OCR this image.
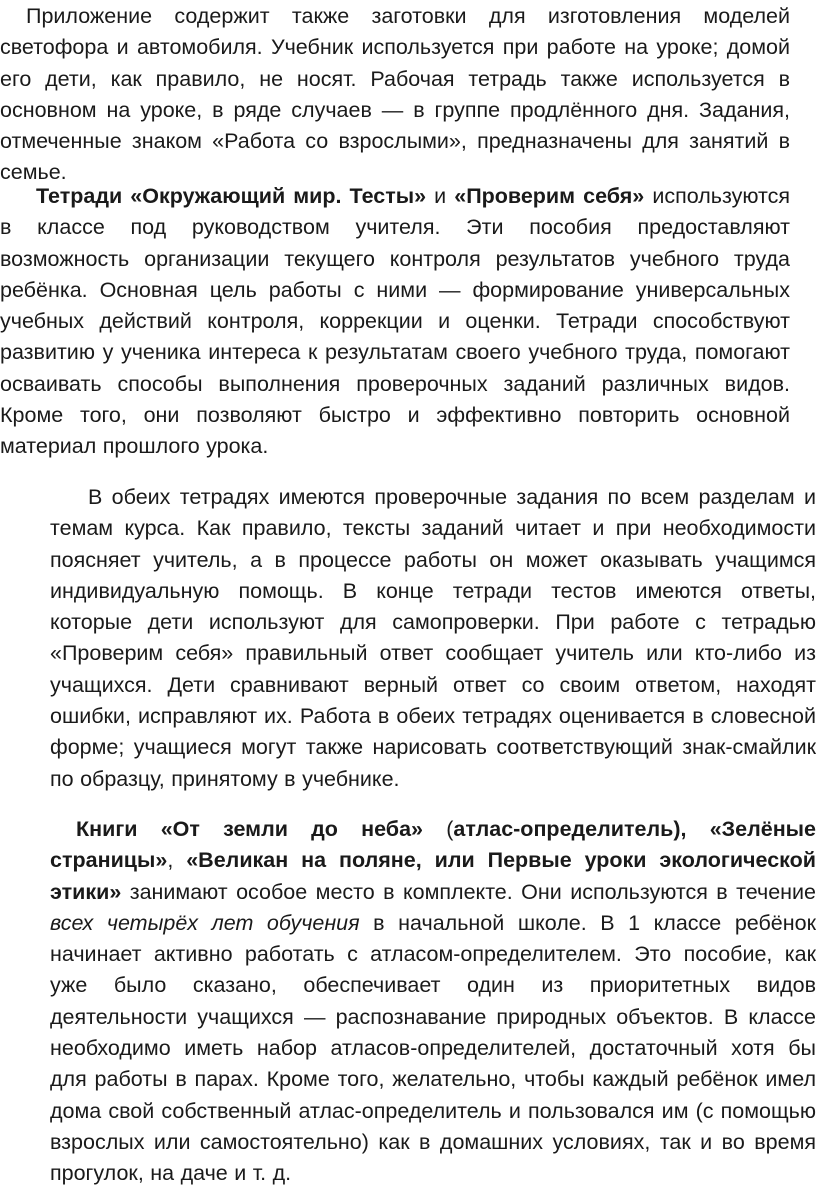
Приложение содержит также заготовки для изготовления моделей светофора и автомобиля. Учебник используется при работе на уроке; домой его дети, как правило, не носят. Рабочая тетрадь также используется в основном на уроке, в ряде случаев — в группе продлённого дня. Задания, отмеченные знаком «Работа со взрослыми», предназначены для занятий в семье.

Тетради «Окружающий мир. Тесты» и «Проверим себя» используются в классе под руководством учителя. Эти пособия предоставляют возможность организации текущего контроля результатов учебного труда ребёнка. Основная цель работы с ними — формирование универсальных учебных действий контроля, коррекции и оценки. Тетради способствуют развитию у ученика интереса к результатам своего учебного труда, помогают осваивать способы выполнения проверочных заданий различных видов. Кроме того, они позволяют быстро и эффективно повторить основной материал прошлого урока.

В обеих тетрадях имеются проверочные задания по всем разделам и темам курса. Как правило, тексты заданий читает и при необходимости поясняет учитель, а в процессе работы он может оказывать учащимся индивидуальную помощь. В конце тетради тестов имеются ответы, которые дети используют для самопроверки. При работе с тетрадью «Проверим себя» правильный ответ сообщает учитель или кто-либо из учащихся. Дети сравнивают верный ответ со своим ответом, находят ошибки, исправляют их. Работа в обеих тетрадях оценивается в словесной форме; учащиеся могут также нарисовать соответствующий знак-смайлик по образцу, принятому в учебнике.

Книги «От земли до неба» (атлас-определитель), «Зелёные страницы», «Великан на поляне, или Первые уроки экологической этики» занимают особое место в комплекте. Они используются в течение всех четырёх лет обучения в начальной школе. В 1 классе ребёнок начинает активно работать с атласом-определителем. Это пособие, как уже было сказано, обеспечивает один из приоритетных видов деятельности учащихся — распознавание природных объектов. В классе необходимо иметь набор атласов-определителей, достаточный хотя бы для работы в парах. Кроме того, желательно, чтобы каждый ребёнок имел дома свой собственный атлас-определитель и пользовался им (с помощью взрослых или самостоятельно) как в домашних условиях, так и во время прогулок, на даче и т. д.
